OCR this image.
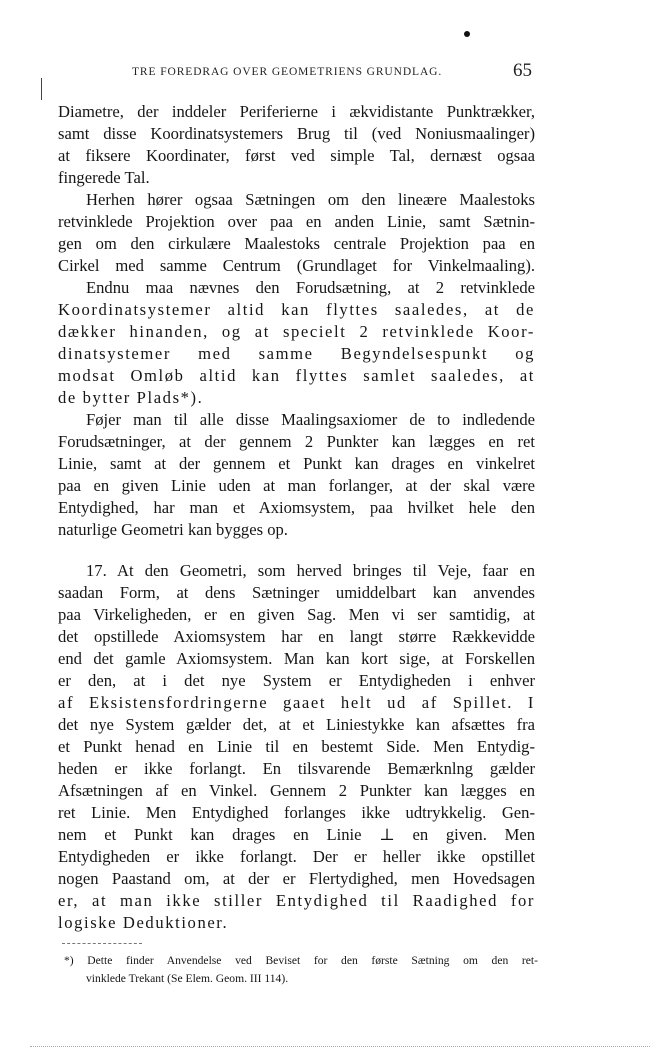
TRE FOREDRAG OVER GEOMETRIENS GRUNDLAG.	65
Diametre, der inddeler Periferierne i ækvidistante Punktrækker,
samt disse Koordinatsystemers Brug til (ved Noniusmaalinger)
at fiksere Koordinater, først ved simple Tal, dernæst ogsaa
fingerede Tal.
Herhen hører ogsaa Sætningen om den lineære Maalestoks
retvinklede Projektion over paa en anden Linie, samt Sætnin-
gen om den cirkulære Maalestoks centrale Projektion paa en
Cirkel med samme Centrum (Grundlaget for Vinkelmaaling).
Endnu maa nævnes den Forudsætning, at 2 retvinklede
Koordinatsystemer altid kan flyttes saaledes, at de
dækker hinanden, og at specielt 2 retvinklede Koor-
dinatsystemer med samme Begyndelsespunkt og
modsat Omløb altid kan flyttes samlet saaledes, at
de bytter Plads*).
Føjer man til alle disse Maalingsaxiomer de to indledende
Forudsætninger, at der gennem 2 Punkter kan lægges en ret
Linie, samt at der gennem et Punkt kan drages en vinkelret
paa en given Linie uden at man forlanger, at der skal være
Entydighed, har man et Axiomsystem, paa hvilket hele den
naturlige Geometri kan bygges op.
17. At den Geometri, som herved bringes til Veje, faar en
saadan Form, at dens Sætninger umiddelbart kan anvendes
paa Virkeligheden, er en given Sag. Men vi ser samtidig, at
det opstillede Axiomsystem har en langt større Rækkevidde
end det gamle Axiomsystem. Man kan kort sige, at Forskellen
er den, at i det nye System er Entydigheden i enhver
af Eksistensfordringerne gaaet helt ud af Spillet. I
det nye System gælder det, at et Liniestykke kan afsættes fra
et Punkt henad en Linie til en bestemt Side. Men Entydig-
heden er ikke forlangt. En tilsvarende Bemærknlng gælder
Afsætningen af en Vinkel. Gennem 2 Punkter kan lægges en
ret Linie. Men Entydighed forlanges ikke udtrykkelig. Gen-
nem et Punkt kan drages en Linie ⊥ en given. Men
Entydigheden er ikke forlangt. Der er heller ikke opstillet
nogen Paastand om, at der er Flertydighed, men Hovedsagen
er, at man ikke stiller Entydighed til Raadighed for
logiske Deduktioner.
*) Dette finder Anvendelse ved Beviset for den første Sætning om den ret-
vinklede Trekant (Se Elem. Geom. III 114).
